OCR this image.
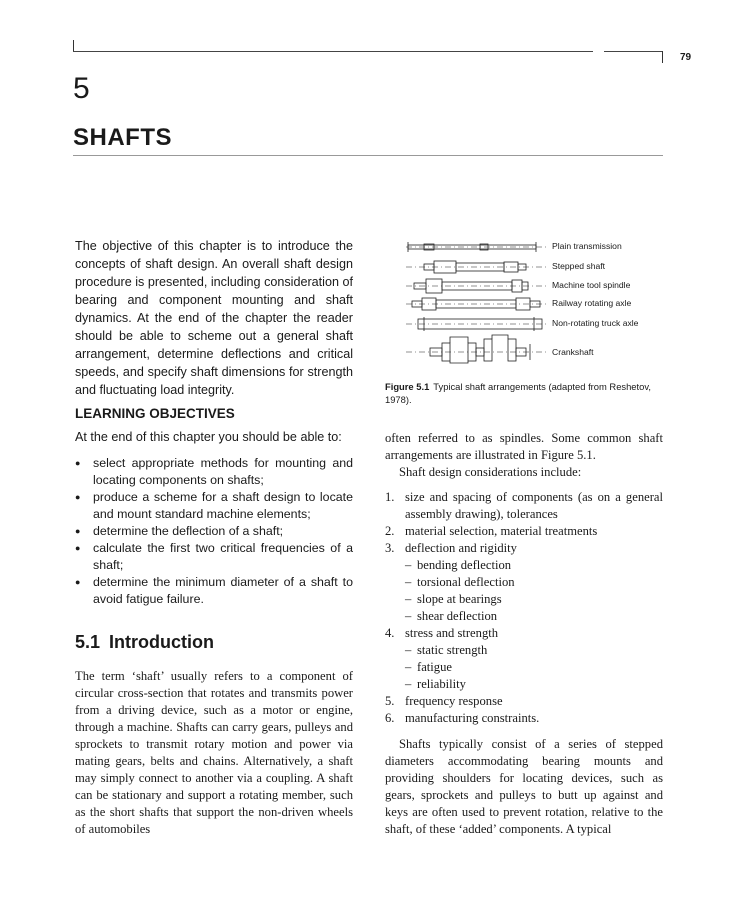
79
5
SHAFTS
The objective of this chapter is to introduce the concepts of shaft design. An overall shaft design procedure is presented, including consideration of bearing and component mounting and shaft dynamics. At the end of the chapter the reader should be able to scheme out a general shaft arrangement, determine deflections and critical speeds, and specify shaft dimensions for strength and fluctuating load integrity.
LEARNING OBJECTIVES
At the end of this chapter you should be able to:
● select appropriate methods for mounting and locating components on shafts;
● produce a scheme for a shaft design to locate and mount standard machine elements;
● determine the deflection of a shaft;
● calculate the first two critical frequencies of a shaft;
● determine the minimum diameter of a shaft to avoid fatigue failure.
5.1 Introduction
The term ‘shaft’ usually refers to a component of circular cross-section that rotates and transmits power from a driving device, such as a motor or engine, through a machine. Shafts can carry gears, pulleys and sprockets to transmit rotary motion and power via mating gears, belts and chains. Alternatively, a shaft may simply connect to another via a coupling. A shaft can be stationary and support a rotating member, such as the short shafts that support the non-driven wheels of automobiles
Plain transmission
Stepped shaft
Machine tool spindle
Railway rotating axle
Non-rotating truck axle
Crankshaft
Figure 5.1 Typical shaft arrangements (adapted from Reshetov, 1978).
often referred to as spindles. Some common shaft arrangements are illustrated in Figure 5.1.
Shaft design considerations include:
1. size and spacing of components (as on a general assembly drawing), tolerances
2. material selection, material treatments
3. deflection and rigidity
– bending deflection
– torsional deflection
– slope at bearings
– shear deflection
4. stress and strength
– static strength
– fatigue
– reliability
5. frequency response
6. manufacturing constraints.
Shafts typically consist of a series of stepped diameters accommodating bearing mounts and providing shoulders for locating devices, such as gears, sprockets and pulleys to butt up against and keys are often used to prevent rotation, relative to the shaft, of these ‘added’ components. A typical
